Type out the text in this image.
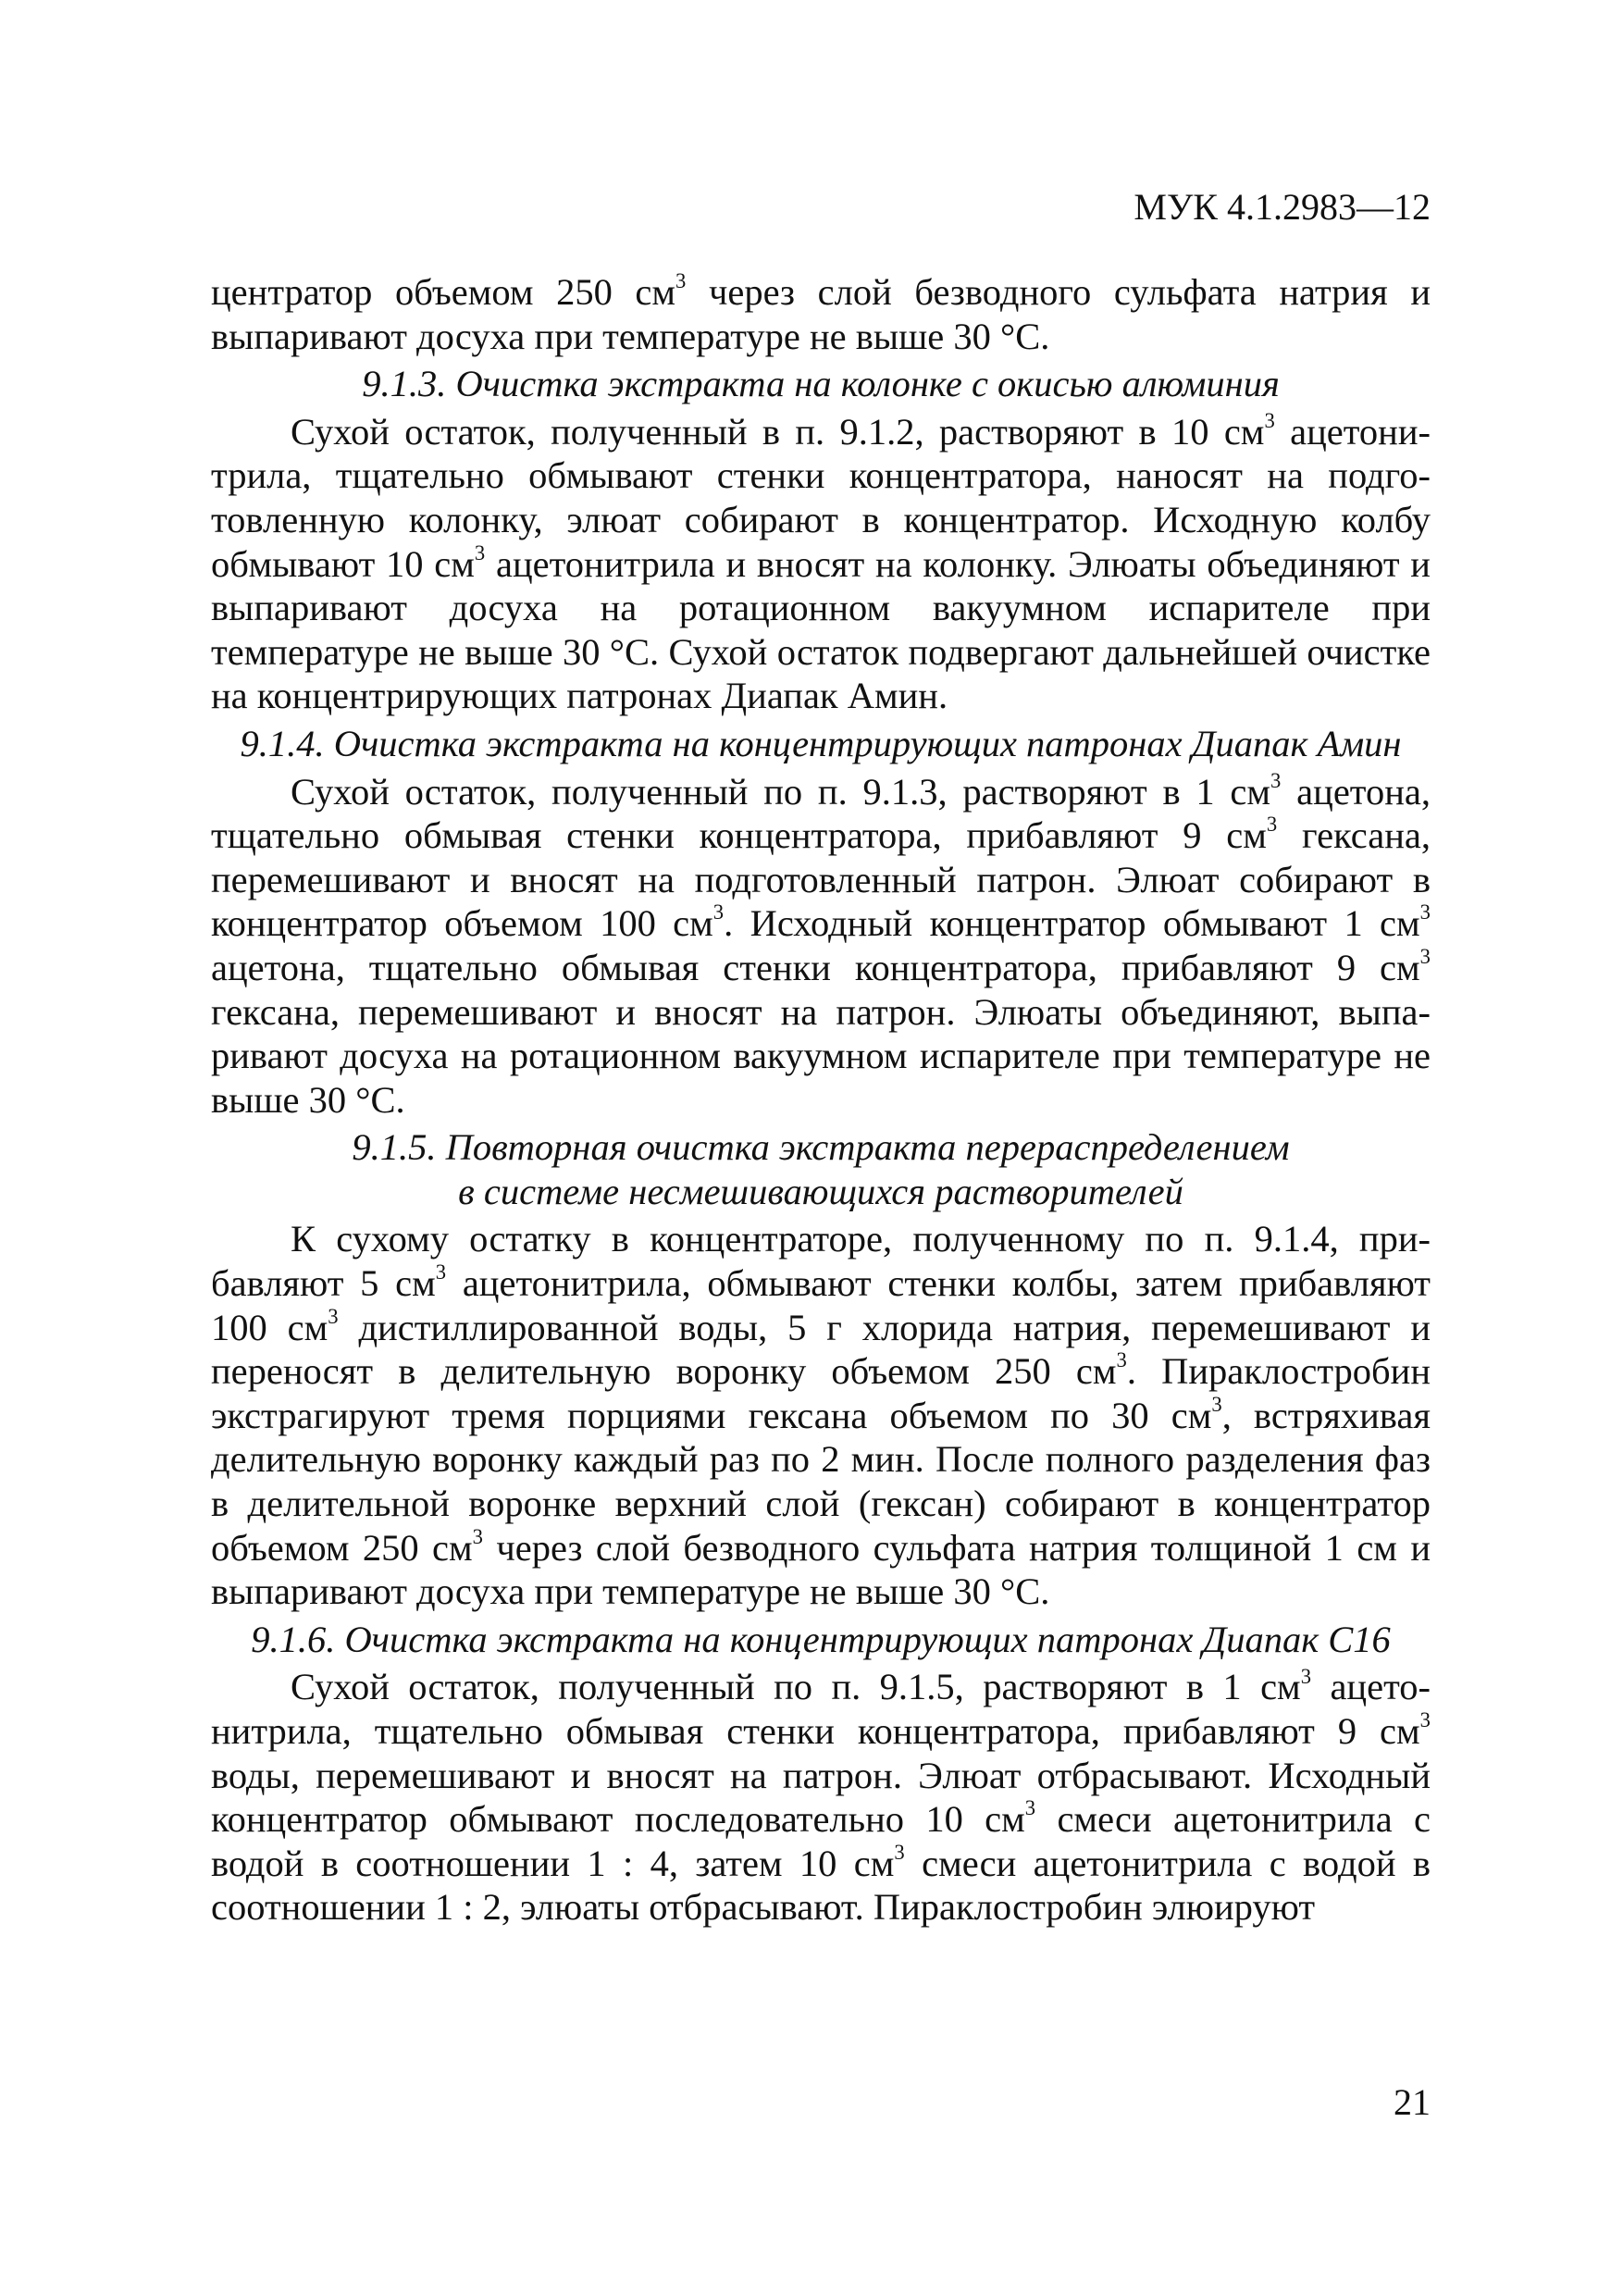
МУК 4.1.2983—12

центратор объемом 250 $см^3$ через слой безводного сульфата натрия и выпаривают досуха при температуре не выше 30 °С.

9.1.3. Очистка экстракта на колонке с окисью алюминия

Сухой остаток, полученный в п. 9.1.2, растворяют в 10 $см^3$ ацетонитрила, тщательно обмывают стенки концентратора, наносят на подготовленную колонку, элюат собирают в концентратор. Исходную колбу обмывают 10 $см^3$ ацетонитрила и вносят на колонку. Элюаты объединяют и выпаривают досуха на ротационном вакуумном испарителе при температуре не выше 30 °С. Сухой остаток подвергают дальнейшей очистке на концентрирующих патронах Диапак Амин.

9.1.4. Очистка экстракта на концентрирующих патронах Диапак Амин

Сухой остаток, полученный по п. 9.1.3, растворяют в 1 $см^3$ ацетона, тщательно обмывая стенки концентратора, прибавляют 9 $см^3$ гексана, перемешивают и вносят на подготовленный патрон. Элюат собирают в концентратор объемом 100 $см^3$. Исходный концентратор обмывают 1 $см^3$ ацетона, тщательно обмывая стенки концентратора, прибавляют 9 $см^3$ гексана, перемешивают и вносят на патрон. Элюаты объединяют, выпаривают досуха на ротационном вакуумном испарителе при температуре не выше 30 °С.

9.1.5. Повторная очистка экстракта перераспределением
в системе несмешивающихся растворителей

К сухому остатку в концентраторе, полученному по п. 9.1.4, прибавляют 5 $см^3$ ацетонитрила, обмывают стенки колбы, затем прибавляют 100 $см^3$ дистиллированной воды, 5 г хлорида натрия, перемешивают и переносят в делительную воронку объемом 250 $см^3$. Пираклостробин экстрагируют тремя порциями гексана объемом по 30 $см^3$, встряхивая делительную воронку каждый раз по 2 мин. После полного разделения фаз в делительной воронке верхний слой (гексан) собирают в концентратор объемом 250 $см^3$ через слой безводного сульфата натрия толщиной 1 см и выпаривают досуха при температуре не выше 30 °С.

9.1.6. Очистка экстракта на концентрирующих патронах Диапак С16

Сухой остаток, полученный по п. 9.1.5, растворяют в 1 $см^3$ ацетонитрила, тщательно обмывая стенки концентратора, прибавляют 9 $см^3$ воды, перемешивают и вносят на патрон. Элюат отбрасывают. Исходный концентратор обмывают последовательно 10 $см^3$ смеси ацетонитрила с водой в соотношении 1 : 4, затем 10 $см^3$ смеси ацетонитрила с водой в соотношении 1 : 2, элюаты отбрасывают. Пираклостробин элюируют

21
